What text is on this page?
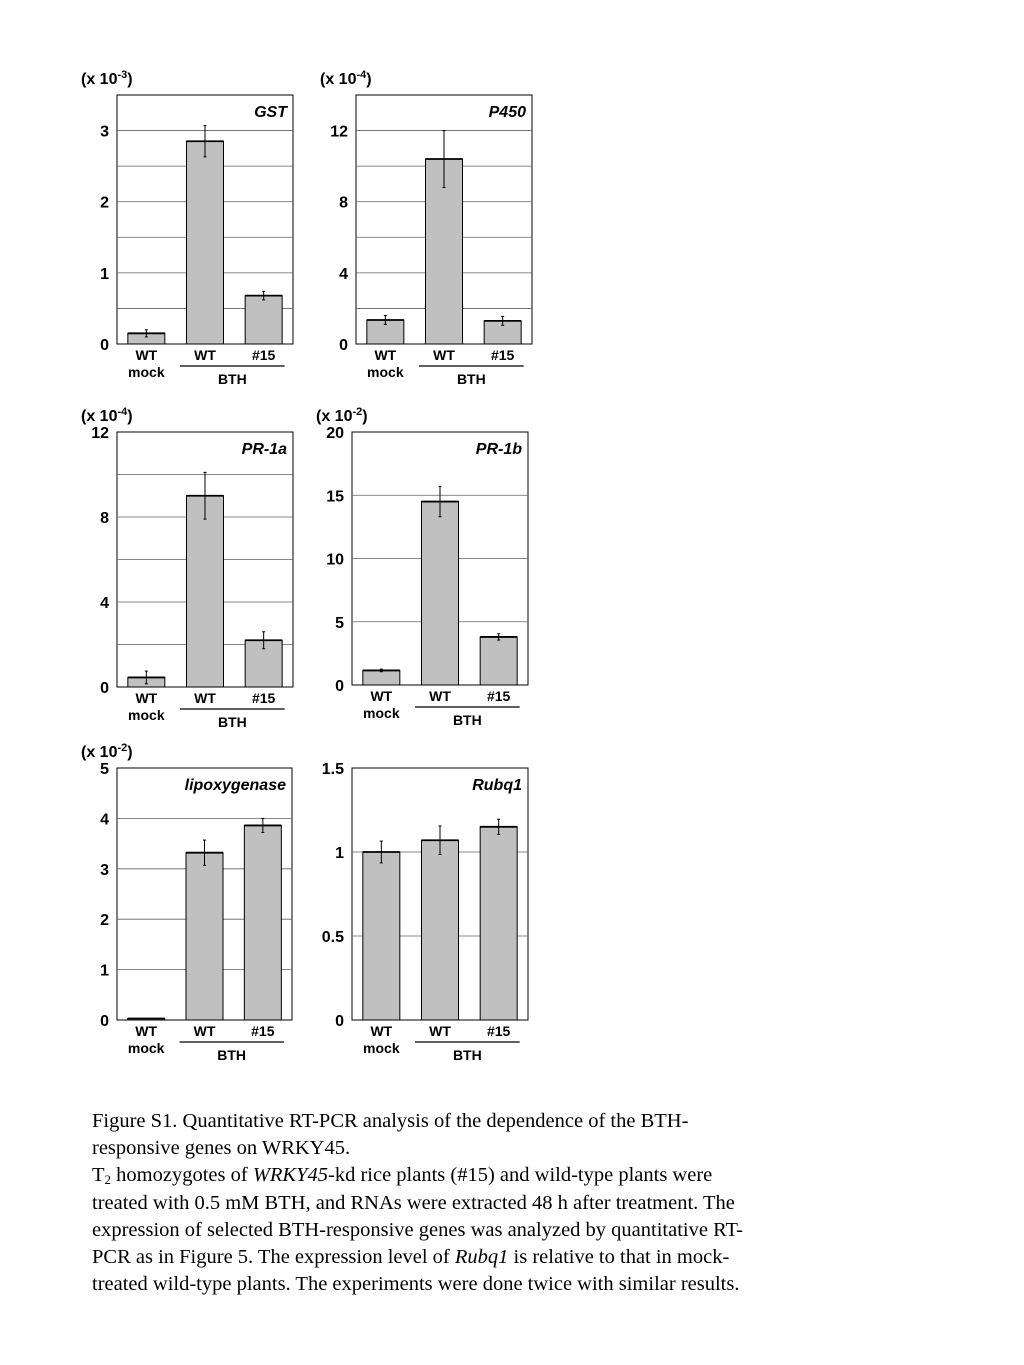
0
1
2
3
(x $10^{-3}$)
GST
WT
mock
WT	#15
BTH
0
4
8
12
(x $10^{-4}$)
P450
WT
mock
WT	#15
BTH
0
4
8
12
(x $10^{-4}$)
PR-1a
WT
mock
WT	#15
BTH
0
5
10
15
20
(x $10^{-2}$)
PR-1b
WT
mock
WT	#15
BTH
0
1
2
3
4
5
(x $10^{-2}$)
lipoxygenase
WT
mock
WT	#15
BTH
0
0.5
1
1.5
Rubq1
WT
mock
WT	#15
BTH

Figure S1. Quantitative RT-PCR analysis of the dependence of the BTH-responsive genes on WRKY45.

$T_2$ homozygotes of WRKY45-kd rice plants (#15) and wild-type plants were treated with 0.5 mM BTH, and RNAs were extracted 48 h after treatment. The expression of selected BTH-responsive genes was analyzed by quantitative RT-PCR as in Figure 5. The expression level of Rubq1 is relative to that in mock-treated wild-type plants. The experiments were done twice with similar results.
